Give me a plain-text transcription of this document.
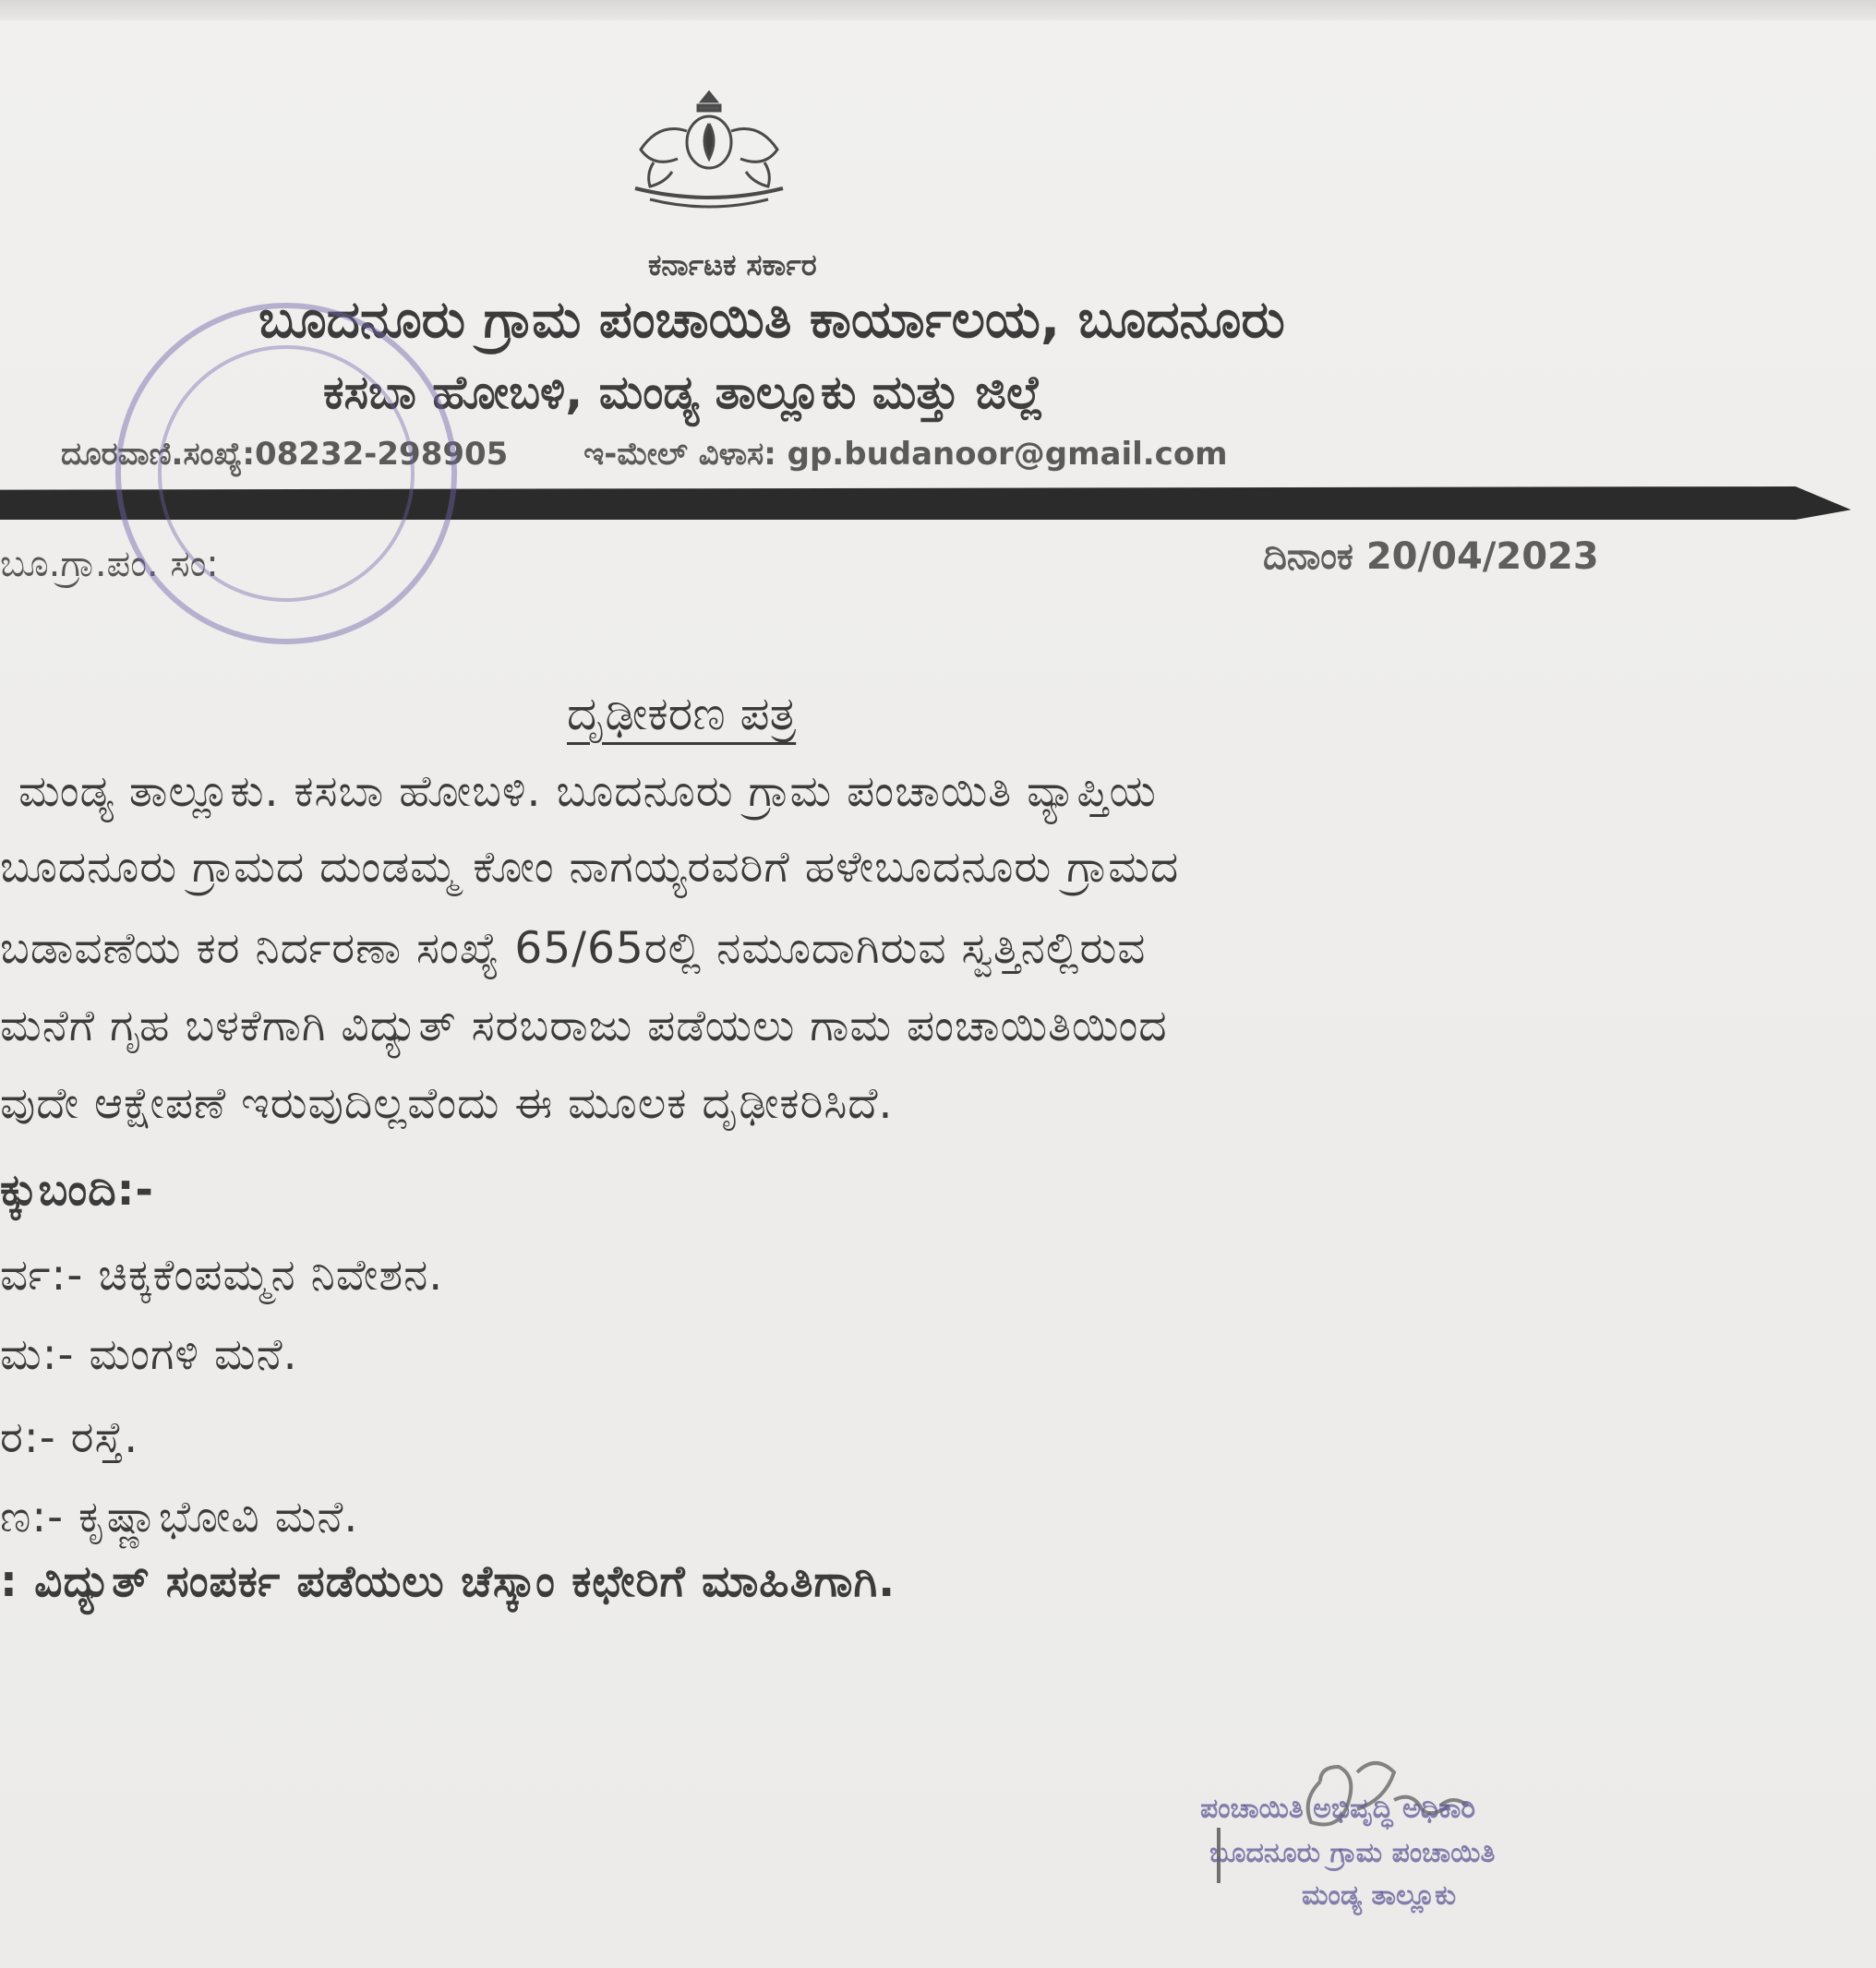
ಕರ್ನಾಟಕ ಸರ್ಕಾರ
ಬೂದನೂರು ಗ್ರಾಮ ಪಂಚಾಯಿತಿ ಕಾರ್ಯಾಲಯ, ಬೂದನೂರು
ಕಸಬಾ ಹೋಬಳಿ, ಮಂಡ್ಯ ತಾಲ್ಲೂಕು ಮತ್ತು ಜಿಲ್ಲೆ
ದೂರವಾಣಿ.ಸಂಖ್ಯೆ:08232-298905 ಇ-ಮೇಲ್ ವಿಳಾಸ: gp.budanoor@gmail.com
ಬೂ.ಗ್ರಾ.ಪಂ. ಸಂ:	ದಿನಾಂಕ 20/04/2023
ದೃಢೀಕರಣ ಪತ್ರ
ಮಂಡ್ಯ ತಾಲ್ಲೂಕು. ಕಸಬಾ ಹೋಬಳಿ. ಬೂದನೂರು ಗ್ರಾಮ ಪಂಚಾಯಿತಿ ವ್ಯಾಪ್ತಿಯ
ಬೂದನೂರು ಗ್ರಾಮದ ದುಂಡಮ್ಮ ಕೋಂ ನಾಗಯ್ಯರವರಿಗೆ ಹಳೇಬೂದನೂರು ಗ್ರಾಮದ
ಬಡಾವಣೆಯ ಕರ ನಿರ್ದರಣಾ ಸಂಖ್ಯೆ 65/65ರಲ್ಲಿ ನಮೂದಾಗಿರುವ ಸ್ವತ್ತಿನಲ್ಲಿರುವ
ಮನೆಗೆ ಗೃಹ ಬಳಕೆಗಾಗಿ ವಿದ್ಯುತ್ ಸರಬರಾಜು ಪಡೆಯಲು ಗಾಮ ಪಂಚಾಯಿತಿಯಿಂದ
ವುದೇ ಆಕ್ಷೇಪಣೆ ಇರುವುದಿಲ್ಲವೆಂದು ಈ ಮೂಲಕ ದೃಢೀಕರಿಸಿದೆ.
ಕ್ಕುಬಂದಿ:-
ರ್ವ:- ಚಿಕ್ಕಕೆಂಪಮ್ಮನ ನಿವೇಶನ.
ಮ:- ಮಂಗಳಿ ಮನೆ.
ರ:- ರಸ್ತೆ.
ಣ:- ಕೃಷ್ಣಾಭೋವಿ ಮನೆ.
: ವಿದ್ಯುತ್ ಸಂಪರ್ಕ ಪಡೆಯಲು ಚೆಸ್ಕಾಂ ಕಛೇರಿಗೆ ಮಾಹಿತಿಗಾಗಿ.
ಪಂಚಾಯಿತಿ ಅಭಿವೃದ್ಧಿ ಅಧಿಕಾರಿ
ಬೂದನೂರು ಗ್ರಾಮ ಪಂಚಾಯಿತಿ
ಮಂಡ್ಯ ತಾಲ್ಲೂಕು
